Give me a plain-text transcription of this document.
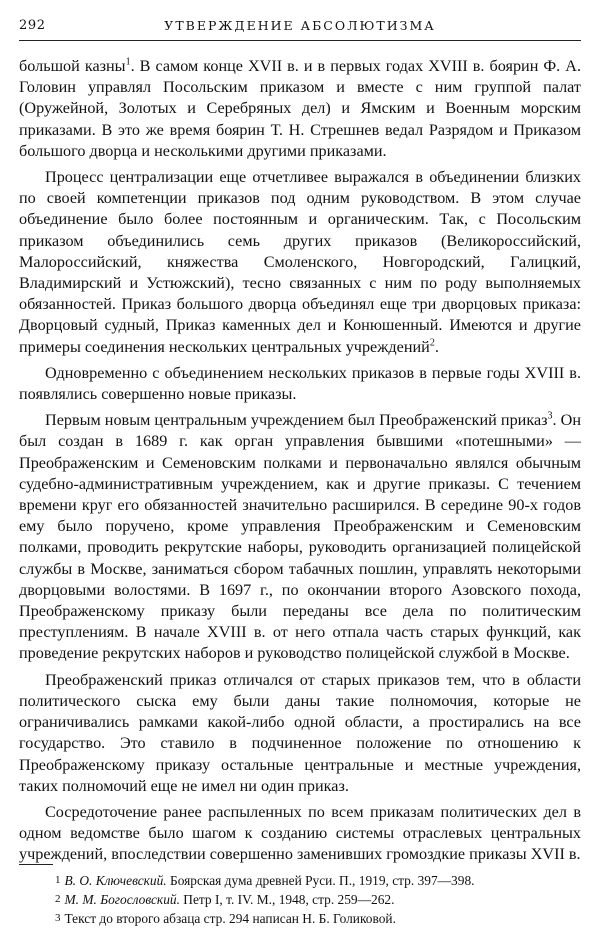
292	УТВЕРЖДЕНИЕ АБСОЛЮТИЗМА

большой казны$^1$. В самом конце XVII в. и в первых годах XVIII в. боярин Ф. А. Головин управлял Посольским приказом и вместе с ним группой палат (Оружейной, Золотых и Серебряных дел) и Ямским и Военным морским приказами. В это же время боярин Т. Н. Стрешнев ведал Разрядом и Приказом большого дворца и несколькими другими приказами.

Процесс централизации еще отчетливее выражался в объединении близких по своей компетенции приказов под одним руководством. В этом случае объединение было более постоянным и органическим. Так, с Посольским приказом объединились семь других приказов (Великороссийский, Малороссийский, княжества Смоленского, Новгородский, Галицкий, Владимирский и Устюжский), тесно связанных с ним по роду выполняемых обязанностей. Приказ большого дворца объединял еще три дворцовых приказа: Дворцовый судный, Приказ каменных дел и Конюшенный. Имеются и другие примеры соединения нескольких центральных учреждений$^2$.

Одновременно с объединением нескольких приказов в первые годы XVIII в. появлялись совершенно новые приказы.

Первым новым центральным учреждением был Преображенский приказ$^3$. Он был создан в 1689 г. как орган управления бывшими «потешными» — Преображенским и Семеновским полками и первоначально являлся обычным судебно-административным учреждением, как и другие приказы. С течением времени круг его обязанностей значительно расширился. В середине 90-х годов ему было поручено, кроме управления Преображенским и Семеновским полками, проводить рекрутские наборы, руководить организацией полицейской службы в Москве, заниматься сбором табачных пошлин, управлять некоторыми дворцовыми волостями. В 1697 г., по окончании второго Азовского похода, Преображенскому приказу были переданы все дела по политическим преступлениям. В начале XVIII в. от него отпала часть старых функций, как проведение рекрутских наборов и руководство полицейской службой в Москве.

Преображенский приказ отличался от старых приказов тем, что в области политического сыска ему были даны такие полномочия, которые не ограничивались рамками какой-либо одной области, а простирались на все государство. Это ставило в подчиненное положение по отношению к Преображенскому приказу остальные центральные и местные учреждения, таких полномочий еще не имел ни один приказ.

Сосредоточение ранее распыленных по всем приказам политических дел в одном ведомстве было шагом к созданию системы отраслевых центральных учреждений, впоследствии совершенно заменивших громоздкие приказы XVII в.

1 В. О. Ключевский. Боярская дума древней Руси. П., 1919, стр. 397—398.
2 М. М. Богословский. Петр I, т. IV. М., 1948, стр. 259—262.
3 Текст до второго абзаца стр. 294 написан Н. Б. Голиковой.
